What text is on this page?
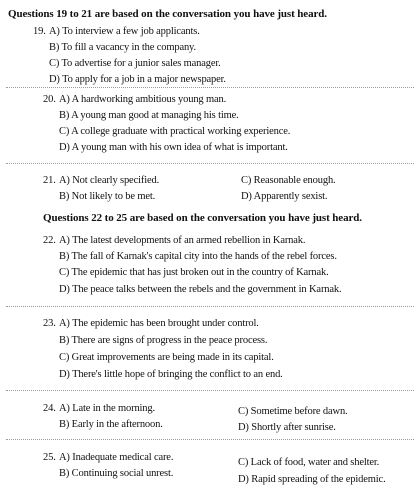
Questions 19 to 21 are based on the conversation you have just heard.
19. A) To interview a few job applicants.
B) To fill a vacancy in the company.
C) To advertise for a junior sales manager.
D) To apply for a job in a major newspaper.
20. A) A hardworking ambitious young man.
B) A young man good at managing his time.
C) A college graduate with practical working experience.
D) A young man with his own idea of what is important.
21. A) Not clearly specified.
B) Not likely to be met.
C) Reasonable enough.
D) Apparently sexist.
Questions 22 to 25 are based on the conversation you have just heard.
22. A) The latest developments of an armed rebellion in Karnak.
B) The fall of Karnak's capital city into the hands of the rebel forces.
C) The epidemic that has just broken out in the country of Karnak.
D) The peace talks between the rebels and the government in Karnak.
23. A) The epidemic has been brought under control.
B) There are signs of progress in the peace process.
C) Great improvements are being made in its capital.
D) There's little hope of bringing the conflict to an end.
24. A) Late in the morning.
B) Early in the afternoon.
C) Sometime before dawn.
D) Shortly after sunrise.
25. A) Inadequate medical care.
B) Continuing social unrest.
C) Lack of food, water and shelter.
D) Rapid spreading of the epidemic.
